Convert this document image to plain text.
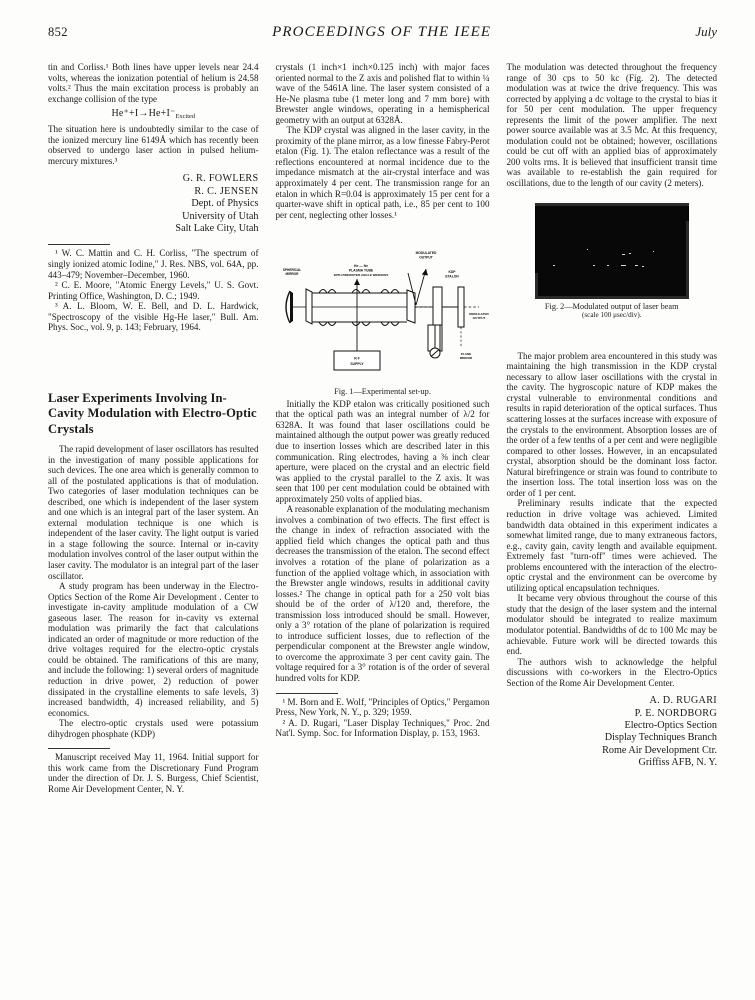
852	PROCEEDINGS OF THE IEEE	July

tin and Corliss.¹ Both lines have upper levels near 24.4 volts, whereas the ionization potential of helium is 24.58 volts.² Thus the main excitation process is probably an exchange collision of the type

$He^++I\to He+I^-_{Excited}$

The situation here is undoubtedly similar to the case of the ionized mercury line 6149Å which has recently been observed to undergo laser action in pulsed helium-mercury mixtures.³

G. R. FOWLERS
R. C. JENSEN
Dept. of Physics
University of Utah
Salt Lake City, Utah

¹ W. C. Mattin and C. H. Corliss, "The spectrum of singly ionized atomic Iodine," J. Res. NBS, vol. 64A, pp. 443–479; November–December, 1960.

² C. E. Moore, "Atomic Energy Levels," U. S. Govt. Printing Office, Washington, D. C.; 1949.

³ A. L. Bloom, W. E. Bell, and D. L. Hardwick, "Spectroscopy of the visible Hg-He laser," Bull. Am. Phys. Soc., vol. 9, p. 143; February, 1964.

Laser Experiments Involving In-Cavity Modulation with Electro-Optic Crystals

The rapid development of laser oscillators has resulted in the investigation of many possible applications for such devices. The one area which is generally common to all of the postulated applications is that of modulation. Two categories of laser modulation techniques can be described, one which is independent of the laser system and one which is an integral part of the laser system. An external modulation technique is one which is independent of the laser cavity. The light output is varied in a stage following the source. Internal or in-cavity modulation involves control of the laser output within the laser cavity. The modulator is an integral part of the laser oscillator.

A study program has been underway in the Electro-Optics Section of the Rome Air Development . Center to investigate in-cavity amplitude modulation of a CW gaseous laser. The reason for in-cavity vs external modulation was primarily the fact that calculations indicated an order of magnitude or more reduction of the drive voltages required for the electro-optic crystals could be obtained. The ramifications of this are many, and include the following: 1) several orders of magnitude reduction in drive power, 2) reduction of power dissipated in the crystalline elements to safe levels, 3) increased bandwidth, 4) increased reliability, and 5) economics.

The electro-optic crystals used were potassium dihydrogen phosphate (KDP)

Manuscript received May 11, 1964. Initial support for this work came from the Discretionary Fund Program under the direction of Dr. J. S. Burgess, Chief Scientist, Rome Air Development Center, N. Y.

crystals (1 inch×1 inch×0.125 inch) with major faces oriented normal to the Z axis and polished flat to within ¼ wave of the 5461A line. The laser system consisted of a He-Ne plasma tube (1 meter long and 7 mm bore) with Brewster angle windows, operating in a hemispherical geometry with an output at 6328Å.

The KDP crystal was aligned in the laser cavity, in the proximity of the plane mirror, as a low finesse Fabry-Perot etalon (Fig. 1). The etalon reflectance was a result of the reflections encountered at normal incidence due to the impedance mismatch at the air-crystal interface and was approximately 4 per cent. The transmission range for an etalon in which R=0.04 is approximately 15 per cent for a quarter-wave shift in optical path, i.e., 85 per cent to 100 per cent, neglecting other losses.¹

SPHERICAL
MIRROR
He — Ne
PLASMA TUBE
WITH BREWSTER ANGLE WINDOWS
MODULATED
OUTPUT
KDP
ETALON
MODULATED
OUTPUT
PLANE
MIRROR
R F
SUPPLY
Fig. 1—Experimental set-up.

Initially the KDP etalon was critically positioned such that the optical path was an integral number of λ/2 for 6328A. It was found that laser oscillations could be maintained although the output power was greatly reduced due to insertion losses which are described later in this communication. Ring electrodes, having a ⅜ inch clear aperture, were placed on the crystal and an electric field was applied to the crystal parallel to the Z axis. It was seen that 100 per cent modulation could be obtained with approximately 250 volts of applied bias.

A reasonable explanation of the modulating mechanism involves a combination of two effects. The first effect is the change in index of refraction associated with the applied field which changes the optical path and thus decreases the transmission of the etalon. The second effect involves a rotation of the plane of polarization as a function of the applied voltage which, in association with the Brewster angle windows, results in additional cavity losses.² The change in optical path for a 250 volt bias should be of the order of λ/120 and, therefore, the transmission loss introduced should be small. However, only a 3° rotation of the plane of polarization is required to introduce sufficient losses, due to reflection of the perpendicular component at the Brewster angle window, to overcome the approximate 3 per cent cavity gain. The voltage required for a 3° rotation is of the order of several hundred volts for KDP.

¹ M. Born and E. Wolf, "Principles of Optics," Pergamon Press, New York, N. Y., p. 329; 1959.

² A. D. Rugari, "Laser Display Techniques," Proc. 2nd Nat'l. Symp. Soc. for Information Display, p. 153, 1963.

The modulation was detected throughout the frequency range of 30 cps to 50 kc (Fig. 2). The detected modulation was at twice the drive frequency. This was corrected by applying a dc voltage to the crystal to bias it for 50 per cent modulation. The upper frequency represents the limit of the power amplifier. The next power source available was at 3.5 Mc. At this frequency, modulation could not be obtained; however, oscillations could be cut off with an applied bias of approximately 200 volts rms. It is believed that insufficient transit time was available to re-establish the gain required for oscillations, due to the length of our cavity (2 meters).

Fig. 2—Modulated output of laser beam
(scale 100 μsec/div).

The major problem area encountered in this study was maintaining the high transmission in the KDP crystal necessary to allow laser oscillations with the crystal in the cavity. The hygroscopic nature of KDP makes the crystal vulnerable to environmental conditions and results in rapid deterioration of the optical surfaces. Thus scattering losses at the surfaces increase with exposure of the crystals to the environment. Absorption losses are of the order of a few tenths of a per cent and were negligible compared to other losses. However, in an encapsulated crystal, absorption should be the dominant loss factor. Natural birefringence or strain was found to contribute to the insertion loss. The total insertion loss was on the order of 1 per cent.

Preliminary results indicate that the expected reduction in drive voltage was achieved. Limited bandwidth data obtained in this experiment indicates a somewhat limited range, due to many extraneous factors, e.g., cavity gain, cavity length and available equipment. Extremely fast "turn-off" times were achieved. The problems encountered with the interaction of the electro-optic crystal and the environment can be overcome by utilizing optical encapsulation techniques.

It became very obvious throughout the course of this study that the design of the laser system and the internal modulator should be integrated to realize maximum modulator potential. Bandwidths of dc to 100 Mc may be achievable. Future work will be directed towards this end.

The authors wish to acknowledge the helpful discussions with co-workers in the Electro-Optics Section of the Rome Air Development Center.

A. D. RUGARI
P. E. NORDBORG
Electro-Optics Section
Display Techniques Branch
Rome Air Development Ctr.
Griffiss AFB, N. Y.
